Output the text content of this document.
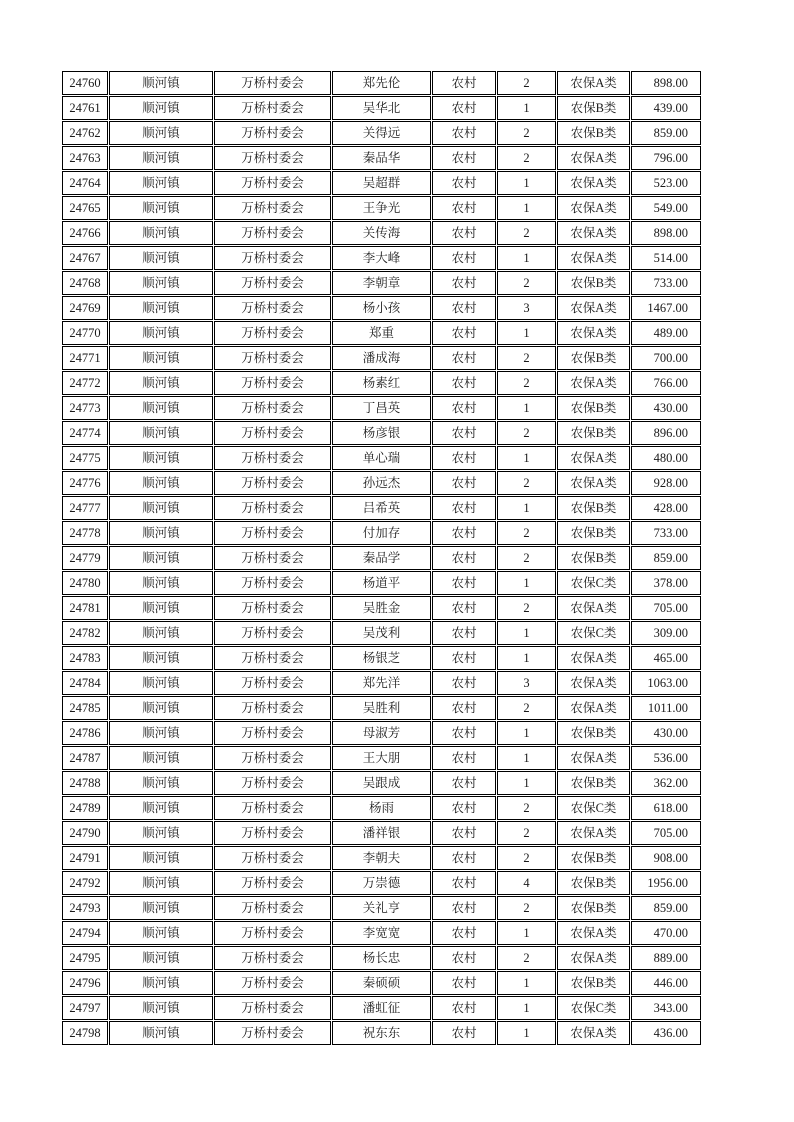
24760	顺河镇	万桥村委会	郑先伦	农村	2	农保A类	898.00
24761	顺河镇	万桥村委会	吴华北	农村	1	农保B类	439.00
24762	顺河镇	万桥村委会	关得远	农村	2	农保B类	859.00
24763	顺河镇	万桥村委会	秦品华	农村	2	农保A类	796.00
24764	顺河镇	万桥村委会	吴超群	农村	1	农保A类	523.00
24765	顺河镇	万桥村委会	王争光	农村	1	农保A类	549.00
24766	顺河镇	万桥村委会	关传海	农村	2	农保A类	898.00
24767	顺河镇	万桥村委会	李大峰	农村	1	农保A类	514.00
24768	顺河镇	万桥村委会	李朝章	农村	2	农保B类	733.00
24769	顺河镇	万桥村委会	杨小孩	农村	3	农保A类	1467.00
24770	顺河镇	万桥村委会	郑重	农村	1	农保A类	489.00
24771	顺河镇	万桥村委会	潘成海	农村	2	农保B类	700.00
24772	顺河镇	万桥村委会	杨素红	农村	2	农保A类	766.00
24773	顺河镇	万桥村委会	丁昌英	农村	1	农保B类	430.00
24774	顺河镇	万桥村委会	杨彦银	农村	2	农保B类	896.00
24775	顺河镇	万桥村委会	单心瑞	农村	1	农保A类	480.00
24776	顺河镇	万桥村委会	孙远杰	农村	2	农保A类	928.00
24777	顺河镇	万桥村委会	吕希英	农村	1	农保B类	428.00
24778	顺河镇	万桥村委会	付加存	农村	2	农保B类	733.00
24779	顺河镇	万桥村委会	秦品学	农村	2	农保B类	859.00
24780	顺河镇	万桥村委会	杨道平	农村	1	农保C类	378.00
24781	顺河镇	万桥村委会	吴胜金	农村	2	农保A类	705.00
24782	顺河镇	万桥村委会	吴茂利	农村	1	农保C类	309.00
24783	顺河镇	万桥村委会	杨银芝	农村	1	农保A类	465.00
24784	顺河镇	万桥村委会	郑先洋	农村	3	农保A类	1063.00
24785	顺河镇	万桥村委会	吴胜利	农村	2	农保A类	1011.00
24786	顺河镇	万桥村委会	母淑芳	农村	1	农保B类	430.00
24787	顺河镇	万桥村委会	王大朋	农村	1	农保A类	536.00
24788	顺河镇	万桥村委会	吴跟成	农村	1	农保B类	362.00
24789	顺河镇	万桥村委会	杨雨	农村	2	农保C类	618.00
24790	顺河镇	万桥村委会	潘祥银	农村	2	农保A类	705.00
24791	顺河镇	万桥村委会	李朝夫	农村	2	农保B类	908.00
24792	顺河镇	万桥村委会	万崇德	农村	4	农保B类	1956.00
24793	顺河镇	万桥村委会	关礼亨	农村	2	农保B类	859.00
24794	顺河镇	万桥村委会	李宽宽	农村	1	农保A类	470.00
24795	顺河镇	万桥村委会	杨长忠	农村	2	农保A类	889.00
24796	顺河镇	万桥村委会	秦硕硕	农村	1	农保B类	446.00
24797	顺河镇	万桥村委会	潘虹征	农村	1	农保C类	343.00
24798	顺河镇	万桥村委会	祝东东	农村	1	农保A类	436.00
